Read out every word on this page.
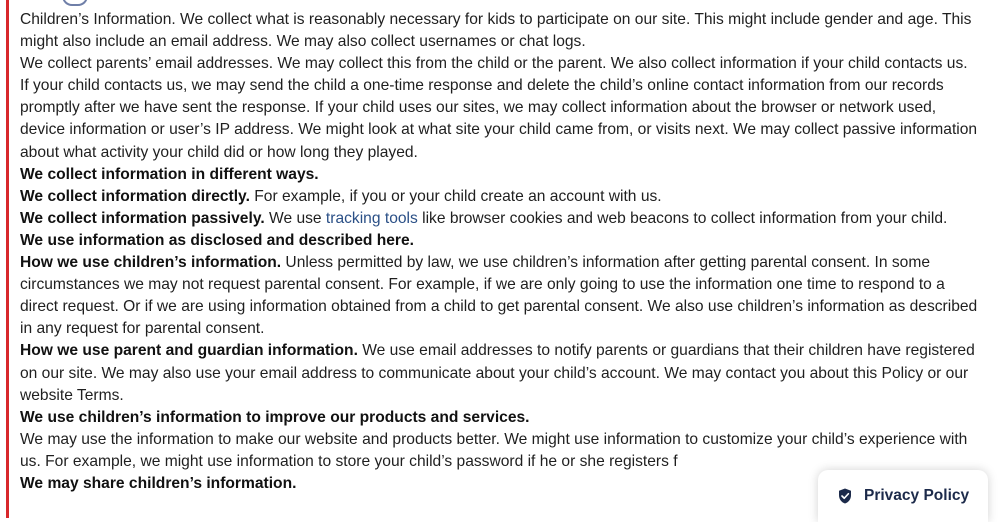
Children’s Information. We collect what is reasonably necessary for kids to participate on our site. This might include gender and age. This might also include an email address. We may also collect usernames or chat logs.

We collect parents’ email addresses. We may collect this from the child or the parent. We also collect information if your child contacts us. If your child contacts us, we may send the child a one-time response and delete the child’s online contact information from our records promptly after we have sent the response. If your child uses our sites, we may collect information about the browser or network used, device information or user’s IP address. We might look at what site your child came from, or visits next. We may collect passive information about what activity your child did or how long they played.

We collect information in different ways.

We collect information directly. For example, if you or your child create an account with us.

We collect information passively. We use tracking tools like browser cookies and web beacons to collect information from your child.

We use information as disclosed and described here.

How we use children’s information. Unless permitted by law, we use children’s information after getting parental consent. In some circumstances we may not request parental consent. For example, if we are only going to use the information one time to respond to a direct request. Or if we are using information obtained from a child to get parental consent. We also use children’s information as described in any request for parental consent.

How we use parent and guardian information. We use email addresses to notify parents or guardians that their children have registered on our site. We may also use your email address to communicate about your child’s account. We may contact you about this Policy or our website Terms.

We use children’s information to improve our products and services.

We may use the information to make our website and products better. We might use information to customize your child’s experience with us. For example, we might use information to store your child’s password if he or she registers f

We may share children’s information.

Privacy Policy
